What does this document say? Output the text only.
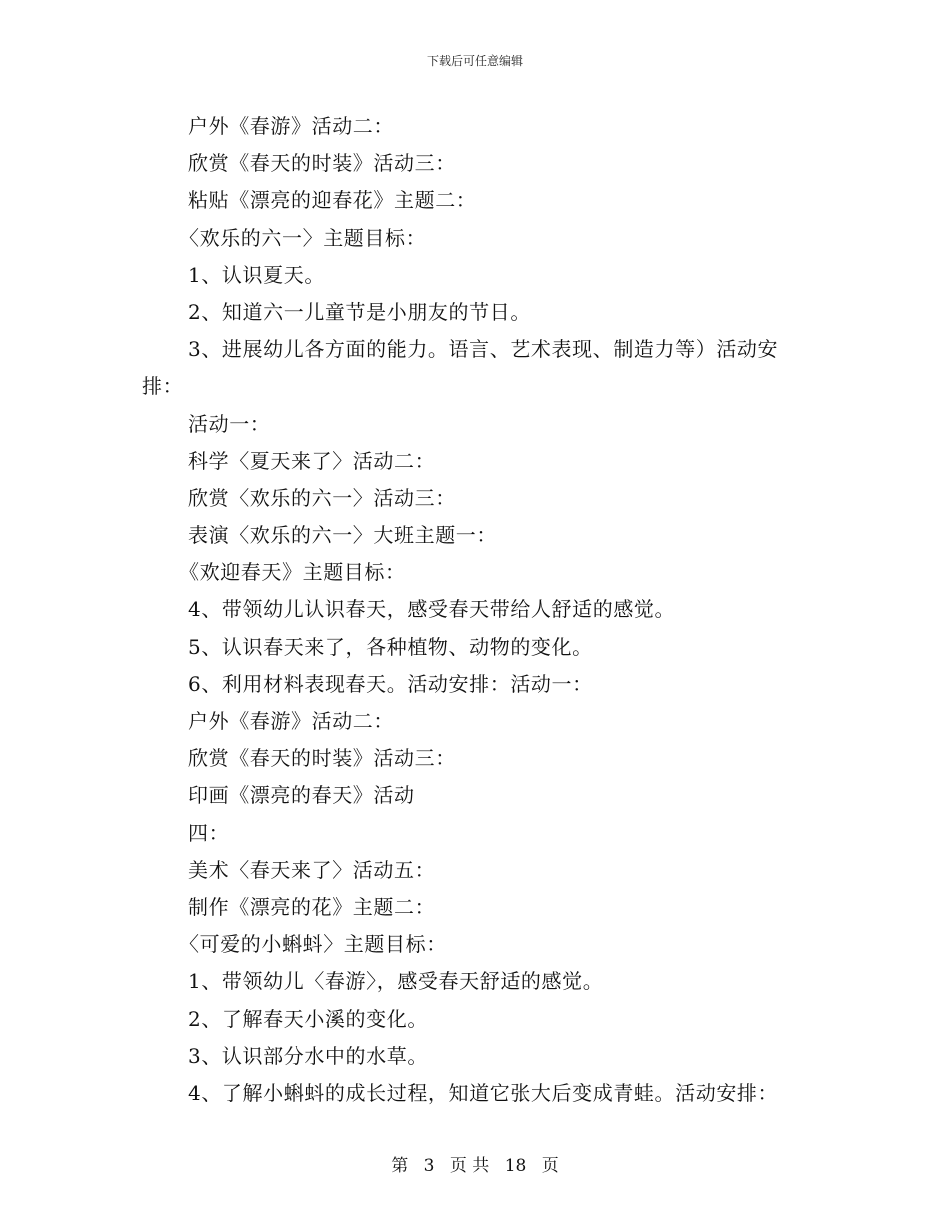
下载后可任意编辑
户外《春游》活动二：
欣赏《春天的时装》活动三：
粘贴《漂亮的迎春花》主题二：
〈欢乐的六一〉主题目标：
1、认识夏天。
2、知道六一儿童节是小朋友的节日。
3、进展幼儿各方面的能力。语言、艺术表现、制造力等）活动安
排：
活动一：
科学〈夏天来了〉活动二：
欣赏〈欢乐的六一〉活动三：
表演〈欢乐的六一〉大班主题一：
《欢迎春天》主题目标：
4、带领幼儿认识春天，感受春天带给人舒适的感觉。
5、认识春天来了，各种植物、动物的变化。
6、利用材料表现春天。活动安排：活动一：
户外《春游》活动二：
欣赏《春天的时装》活动三：
印画《漂亮的春天》活动
四：
美术〈春天来了〉活动五：
制作《漂亮的花》主题二：
〈可爱的小蝌蚪〉主题目标：
1、带领幼儿〈春游〉，感受春天舒适的感觉。
2、了解春天小溪的变化。
3、认识部分水中的水草。
4、了解小蝌蚪的成长过程，知道它张大后变成青蛙。活动安排：
第 3 页 共 18 页
